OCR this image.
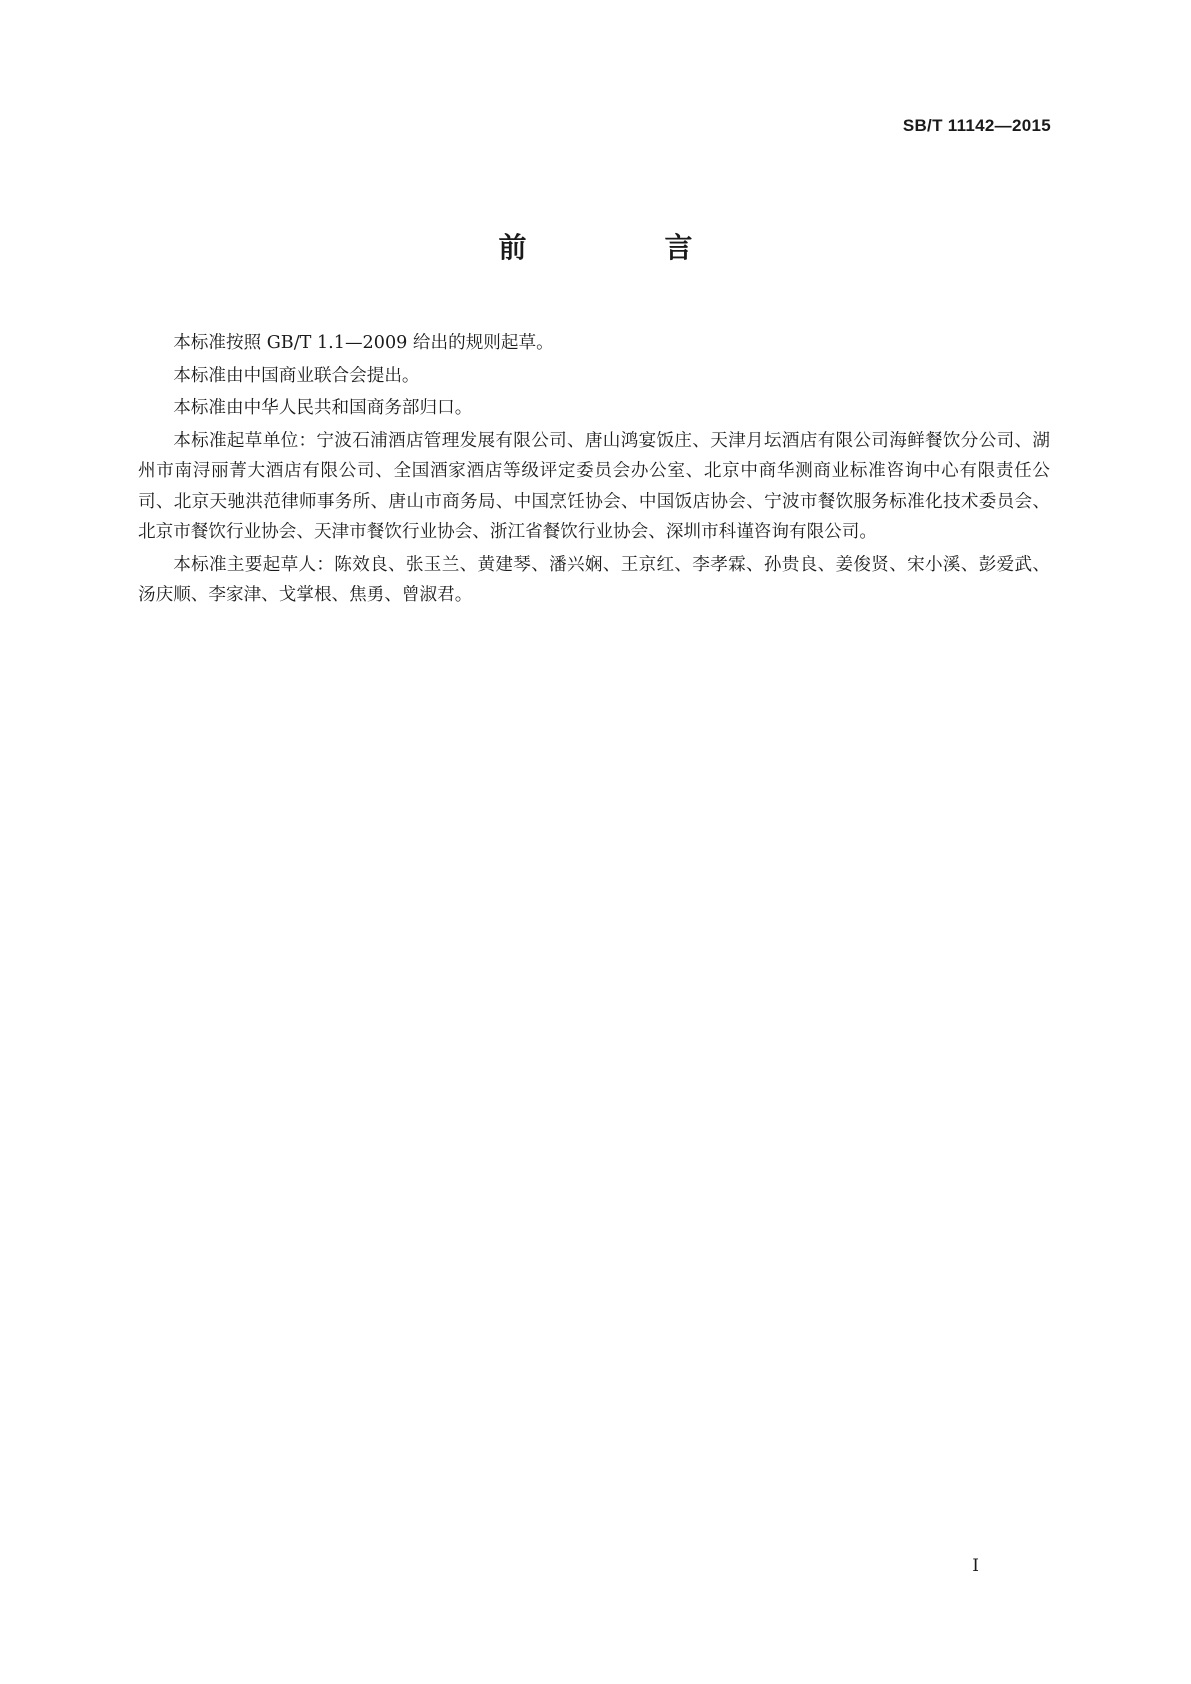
SB/T 11142—2015
前　言

本标准按照 GB/T 1.1—2009 给出的规则起草。

本标准由中国商业联合会提出。

本标准由中华人民共和国商务部归口。

本标准起草单位：宁波石浦酒店管理发展有限公司、唐山鸿宴饭庄、天津月坛酒店有限公司海鲜餐饮分公司、湖州市南浔丽菁大酒店有限公司、全国酒家酒店等级评定委员会办公室、北京中商华测商业标准咨询中心有限责任公司、北京天驰洪范律师事务所、唐山市商务局、中国烹饪协会、中国饭店协会、宁波市餐饮服务标准化技术委员会、北京市餐饮行业协会、天津市餐饮行业协会、浙江省餐饮行业协会、深圳市科谨咨询有限公司。

本标准主要起草人：陈效良、张玉兰、黄建琴、潘兴娴、王京红、李孝霖、孙贵良、姜俊贤、宋小溪、彭爱武、汤庆顺、李家津、戈掌根、焦勇、曾淑君。

I
